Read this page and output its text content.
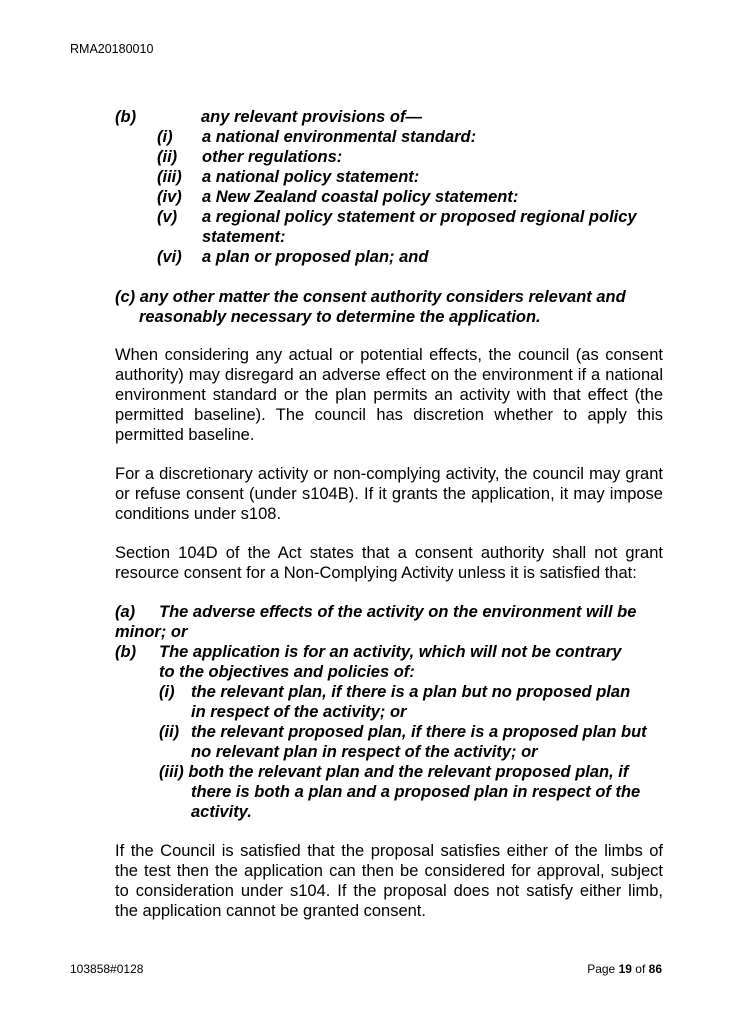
RMA20180010
(b)	any relevant provisions of—
(i) a national environmental standard:
(ii) other regulations:
(iii) a national policy statement:
(iv) a New Zealand coastal policy statement:
(v) a regional policy statement or proposed regional policy
statement:
(vi) a plan or proposed plan; and
(c) any other matter the consent authority considers relevant and
reasonably necessary to determine the application.

When considering any actual or potential effects, the council (as consent authority) may disregard an adverse effect on the environment if a national environment standard or the plan permits an activity with that effect (the permitted baseline). The council has discretion whether to apply this permitted baseline.

For a discretionary activity or non-complying activity, the council may grant or refuse consent (under s104B). If it grants the application, it may impose conditions under s108.

Section 104D of the Act states that a consent authority shall not grant resource consent for a Non-Complying Activity unless it is satisfied that:

(a) The adverse effects of the activity on the environment will be
minor; or
(b) The application is for an activity, which will not be contrary
to the objectives and policies of:
(i) the relevant plan, if there is a plan but no proposed plan
in respect of the activity; or
(ii) the relevant proposed plan, if there is a proposed plan but
no relevant plan in respect of the activity; or
(iii) both the relevant plan and the relevant proposed plan, if
there is both a plan and a proposed plan in respect of the
activity.

If the Council is satisfied that the proposal satisfies either of the limbs of the test then the application can then be considered for approval, subject to consideration under s104. If the proposal does not satisfy either limb, the application cannot be granted consent.

103858#0128	Page 19 of 86
